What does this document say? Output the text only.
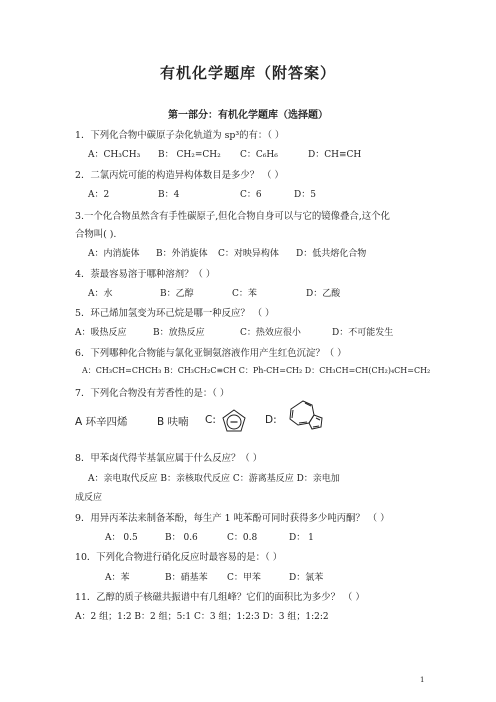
有机化学题库（附答案）
第一部分：有机化学题库（选择题）
1．下列化合物中碳原子杂化轨道为 sp³的有：（ ）
A：CH₃CH₃ B： CH₂=CH₂ C：C₆H₆	D：CH≡CH
2．二氯丙烷可能的构造异构体数目是多少？ （ ）
A：2	B：4	C：6	D：5
3.一个化合物虽然含有手性碳原子,但化合物自身可以与它的镜像叠合,这个化
合物叫( ).
A：内消旋体 B：外消旋体 C：对映异构体 D：低共熔化合物
4．萘最容易溶于哪种溶剂？（ ）
A：水	B：乙醇	C：苯	D：乙酸
5．环己烯加氢变为环己烷是哪一种反应？ （ ）
A：吸热反应	B：放热反应	C：热效应很小	D：不可能发生
6．下列哪种化合物能与氯化亚铜氨溶液作用产生红色沉淀？（ ）
A：CH₃CH=CHCH₃ B：CH₃CH₂C≡CH C：Ph-CH=CH₂ D：CH₃CH=CH(CH₂)₄CH=CH₂
7．下列化合物没有芳香性的是：（ ）
A 环辛四烯	B 呋喃 C:	D:
8．甲苯卤代得苄基氯应属于什么反应？（ ）
A：亲电取代反应 B：亲核取代反应 C：游离基反应 D：亲电加
成反应
9．用异丙苯法来制备苯酚，每生产 1 吨苯酚可同时获得多少吨丙酮？ （ ）
A： 0.5	B： 0.6	C：0.8	D： 1
10．下列化合物进行硝化反应时最容易的是：（ ）
A：苯	B：硝基苯 C：甲苯	D：氯苯
11．乙醇的质子核磁共振谱中有几组峰？它们的面积比为多少？ （ ）
A：2 组；1:2 B：2 组；5:1 C：3 组；1:2:3 D：3 组；1:2:2
1
